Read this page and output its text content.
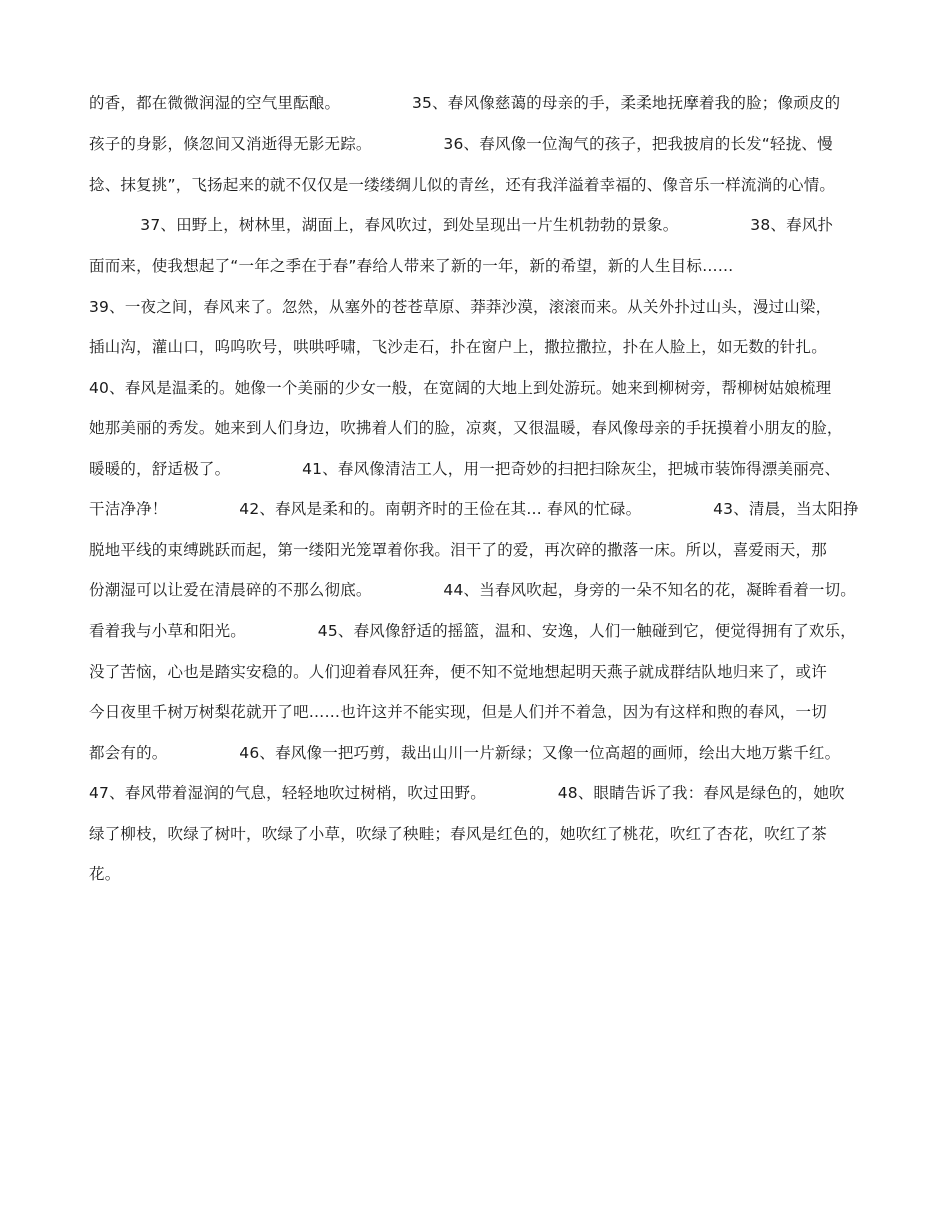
的香，都在微微润湿的空气里酝酿。              35、春风像慈蔼的母亲的手，柔柔地抚摩着我的脸；像顽皮的
孩子的身影，倏忽间又消逝得无影无踪。              36、春风像一位淘气的孩子，把我披肩的长发“轻拢、慢
捻、抹复挑”，飞扬起来的就不仅仅是一缕缕绸儿似的青丝，还有我洋溢着幸福的、像音乐一样流淌的心情。
37、田野上，树林里，湖面上，春风吹过，到处呈现出一片生机勃勃的景象。              38、春风扑
面而来，使我想起了“一年之季在于春”春给人带来了新的一年，新的希望，新的人生目标……
39、一夜之间，春风来了。忽然，从塞外的苍苍草原、莽莽沙漠，滚滚而来。从关外扑过山头，漫过山梁，
插山沟，灌山口，呜呜吹号，哄哄呼啸，飞沙走石，扑在窗户上，撒拉撒拉，扑在人脸上，如无数的针扎。
40、春风是温柔的。她像一个美丽的少女一般，在宽阔的大地上到处游玩。她来到柳树旁，帮柳树姑娘梳理
她那美丽的秀发。她来到人们身边，吹拂着人们的脸，凉爽，又很温暖，春风像母亲的手抚摸着小朋友的脸，
暖暖的，舒适极了。              41、春风像清洁工人，用一把奇妙的扫把扫除灰尘，把城市装饰得漂美丽亮、
干洁净净！              42、春风是柔和的。南朝齐时的王俭在其… 春风的忙碌。              43、清晨，当太阳挣
脱地平线的束缚跳跃而起，第一缕阳光笼罩着你我。泪干了的爱，再次碎的撒落一床。所以，喜爱雨天，那
份潮湿可以让爱在清晨碎的不那么彻底。              44、当春风吹起，身旁的一朵不知名的花，凝眸看着一切。
看着我与小草和阳光。              45、春风像舒适的摇篮，温和、安逸，人们一触碰到它，便觉得拥有了欢乐，
没了苦恼，心也是踏实安稳的。人们迎着春风狂奔，便不知不觉地想起明天燕子就成群结队地归来了，或许
今日夜里千树万树梨花就开了吧……也许这并不能实现，但是人们并不着急，因为有这样和煦的春风，一切
都会有的。              46、春风像一把巧剪，裁出山川一片新绿；又像一位高超的画师，绘出大地万紫千红。
47、春风带着湿润的气息，轻轻地吹过树梢，吹过田野。              48、眼睛告诉了我：春风是绿色的，她吹
绿了柳枝，吹绿了树叶，吹绿了小草，吹绿了秧畦；春风是红色的，她吹红了桃花，吹红了杏花，吹红了茶
花。
